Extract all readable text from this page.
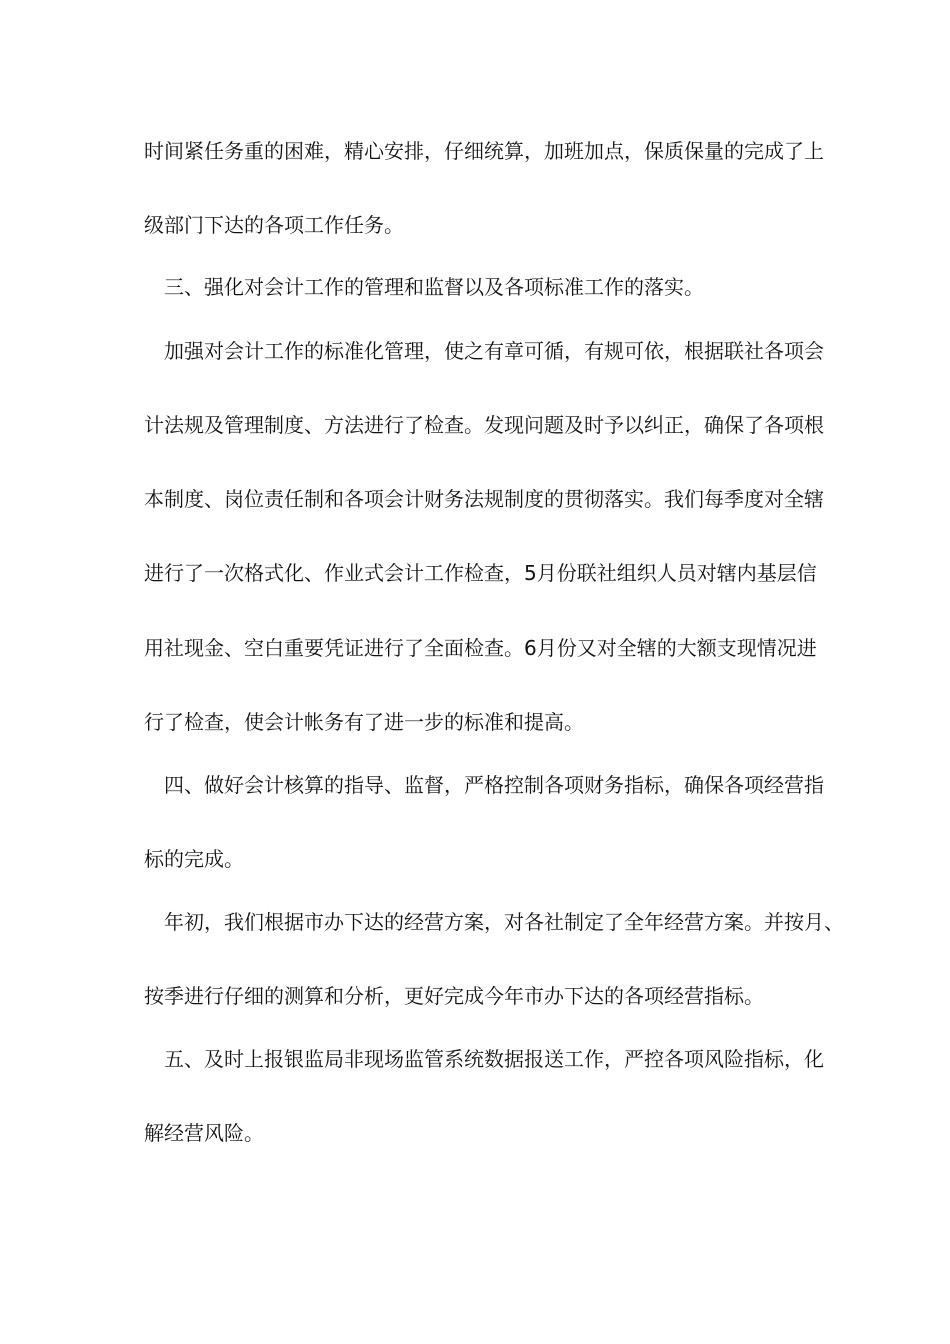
时间紧任务重的困难，精心安排，仔细统算，加班加点，保质保量的完成了上
级部门下达的各项工作任务。
三、强化对会计工作的管理和监督以及各项标准工作的落实。
加强对会计工作的标准化管理，使之有章可循，有规可依，根据联社各项会
计法规及管理制度、方法进行了检查。发现问题及时予以纠正，确保了各项根
本制度、岗位责任制和各项会计财务法规制度的贯彻落实。我们每季度对全辖
进行了一次格式化、作业式会计工作检查，5月份联社组织人员对辖内基层信
用社现金、空白重要凭证进行了全面检查。6月份又对全辖的大额支现情况进
行了检查，使会计帐务有了进一步的标准和提高。
四、做好会计核算的指导、监督，严格控制各项财务指标，确保各项经营指
标的完成。
年初，我们根据市办下达的经营方案，对各社制定了全年经营方案。并按月、
按季进行仔细的测算和分析，更好完成今年市办下达的各项经营指标。
五、及时上报银监局非现场监管系统数据报送工作，严控各项风险指标，化
解经营风险。
